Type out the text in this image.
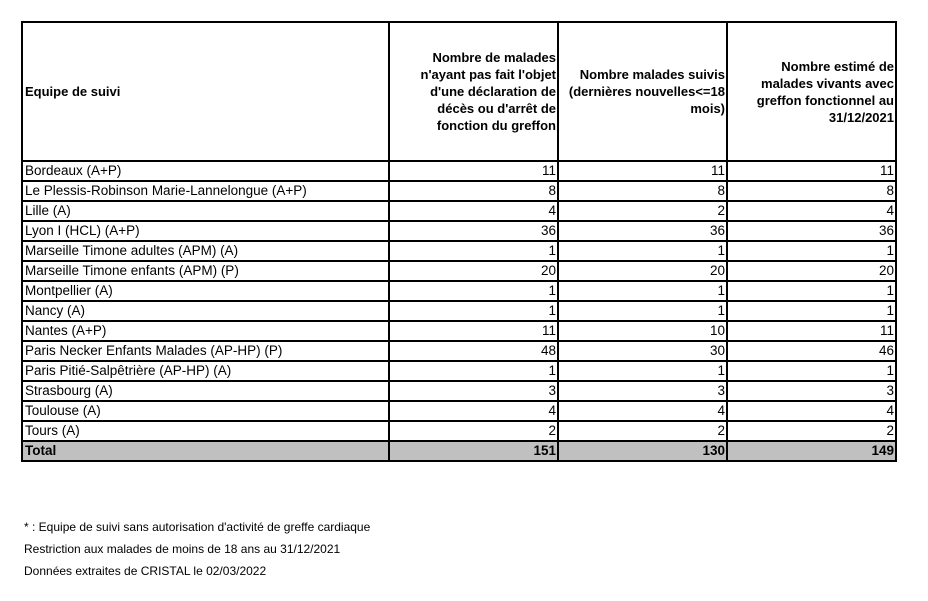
Equipe de suivi	Nombre de malades n'ayant pas fait l'objet d'une déclaration de décès ou d'arrêt de fonction du greffon	Nombre malades suivis (dernières nouvelles<=18 mois)	Nombre estimé de malades vivants avec greffon fonctionnel au 31/12/2021
Bordeaux (A+P)	11	11	11
Le Plessis-Robinson Marie-Lannelongue (A+P)	8	8	8
Lille (A)	4	2	4
Lyon I (HCL) (A+P)	36	36	36
Marseille Timone adultes (APM) (A)	1	1	1
Marseille Timone enfants (APM) (P)	20	20	20
Montpellier (A)	1	1	1
Nancy (A)	1	1	1
Nantes (A+P)	11	10	11
Paris Necker Enfants Malades (AP-HP) (P)	48	30	46
Paris Pitié-Salpêtrière (AP-HP) (A)	1	1	1
Strasbourg (A)	3	3	3
Toulouse (A)	4	4	4
Tours (A)	2	2	2
Total	151	130	149
* : Equipe de suivi sans autorisation d'activité de greffe cardiaque
Restriction aux malades de moins de 18 ans au 31/12/2021
Données extraites de CRISTAL le 02/03/2022
